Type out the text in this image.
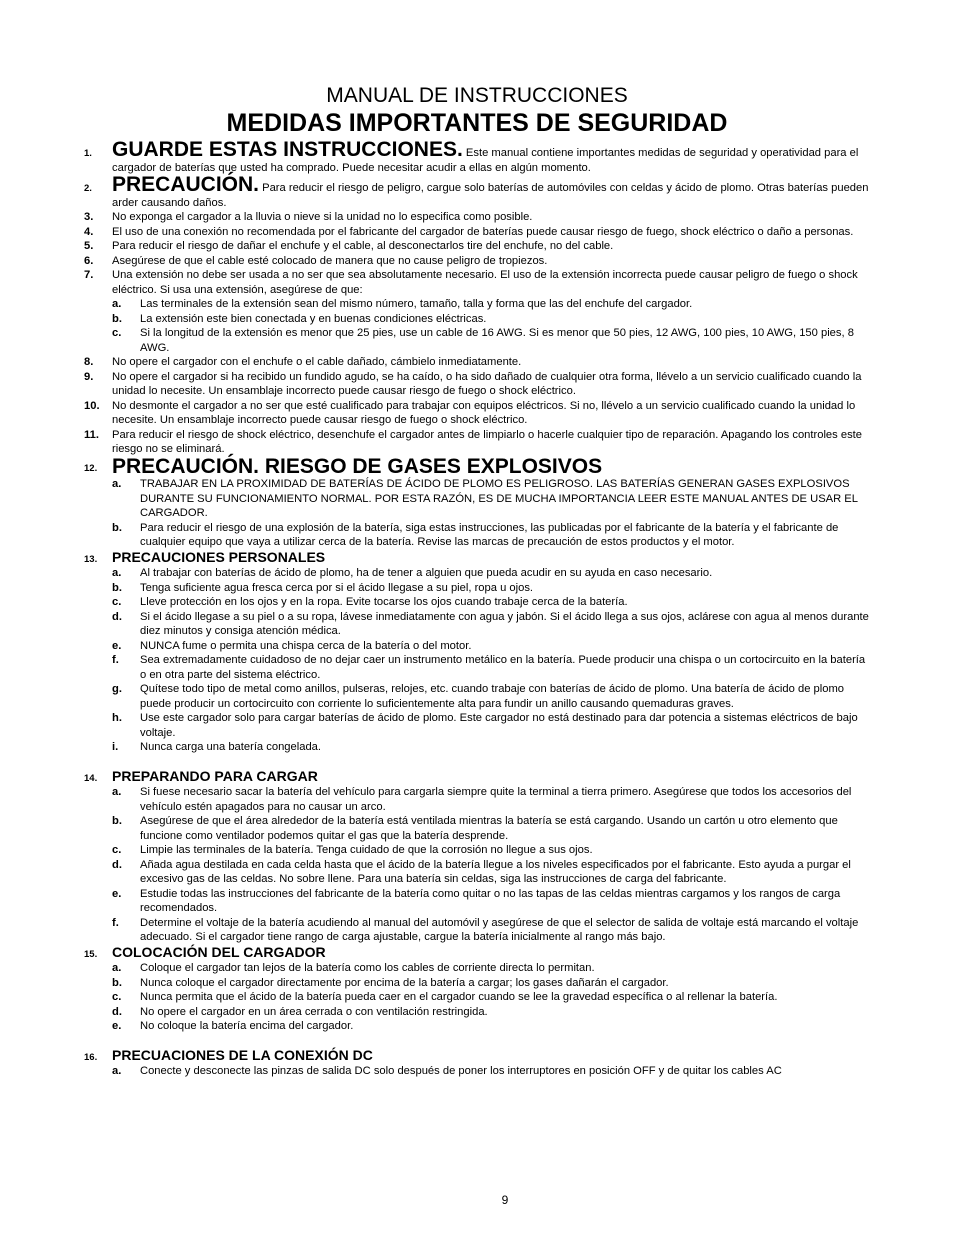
MANUAL DE INSTRUCCIONES
MEDIDAS IMPORTANTES DE SEGURIDAD
1. GUARDE ESTAS INSTRUCCIONES. Este manual contiene importantes medidas de seguridad y operatividad para el cargador de baterías que usted ha comprado. Puede necesitar acudir a ellas en algún momento.
2. PRECAUCIÓN. Para reducir el riesgo de peligro, cargue solo baterías de automóviles con celdas y ácido de plomo. Otras baterías pueden arder causando daños.
3. No exponga el cargador a la lluvia o nieve si la unidad no lo especifica como posible.
4. El uso de una conexión no recomendada por el fabricante del cargador de baterías puede causar riesgo de fuego, shock eléctrico o daño a personas.
5. Para reducir el riesgo de dañar el enchufe y el cable, al desconectarlos tire del enchufe, no del cable.
6. Asegúrese de que el cable esté colocado de manera que no cause peligro de tropiezos.
7. Una extensión no debe ser usada a no ser que sea absolutamente necesario. El uso de la extensión incorrecta puede causar peligro de fuego o shock eléctrico. Si usa una extensión, asegúrese de que:
a. Las terminales de la extensión sean del mismo número, tamaño, talla y forma que las del enchufe del cargador.
b. La extensión este bien conectada y en buenas condiciones eléctricas.
c. Si la longitud de la extensión es menor que 25 pies, use un cable de 16 AWG. Si es menor que 50 pies, 12 AWG, 100 pies, 10 AWG, 150 pies, 8 AWG.
8. No opere el cargador con el enchufe o el cable dañado, cámbielo inmediatamente.
9. No opere el cargador si ha recibido un fundido agudo, se ha caído, o ha sido dañado de cualquier otra forma, llévelo a un servicio cualificado cuando la unidad lo necesite. Un ensamblaje incorrecto puede causar riesgo de fuego o shock eléctrico.
10. No desmonte el cargador a no ser que esté cualificado para trabajar con equipos eléctricos. Si no, llévelo a un servicio cualificado cuando la unidad lo necesite. Un ensamblaje incorrecto puede causar riesgo de fuego o shock eléctrico.
11. Para reducir el riesgo de shock eléctrico, desenchufe el cargador antes de limpiarlo o hacerle cualquier tipo de reparación. Apagando los controles este riesgo no se eliminará.
12. PRECAUCIÓN. RIESGO DE GASES EXPLOSIVOS
a. TRABAJAR EN LA PROXIMIDAD DE BATERÍAS DE ÁCIDO DE PLOMO ES PELIGROSO. LAS BATERÍAS GENERAN GASES EXPLOSIVOS DURANTE SU FUNCIONAMIENTO NORMAL. POR ESTA RAZÓN, ES DE MUCHA IMPORTANCIA LEER ESTE MANUAL ANTES DE USAR EL CARGADOR.
b. Para reducir el riesgo de una explosión de la batería, siga estas instrucciones, las publicadas por el fabricante de la batería y el fabricante de cualquier equipo que vaya a utilizar cerca de la batería. Revise las marcas de precaución de estos productos y el motor.
13. PRECAUCIONES PERSONALES
a. Al trabajar con baterías de ácido de plomo, ha de tener a alguien que pueda acudir en su ayuda en caso necesario.
b. Tenga suficiente agua fresca cerca por si el ácido llegase a su piel, ropa u ojos.
c. Lleve protección en los ojos y en la ropa. Evite tocarse los ojos cuando trabaje cerca de la batería.
d. Si el ácido llegase a su piel o a su ropa, lávese inmediatamente con agua y jabón. Si el ácido llega a sus ojos, aclárese con agua al menos durante diez minutos y consiga atención médica.
e. NUNCA fume o permita una chispa cerca de la batería o del motor.
f. Sea extremadamente cuidadoso de no dejar caer un instrumento metálico en la batería. Puede producir una chispa o un cortocircuito en la batería o en otra parte del sistema eléctrico.
g. Quítese todo tipo de metal como anillos, pulseras, relojes, etc. cuando trabaje con baterías de ácido de plomo. Una batería de ácido de plomo puede producir un cortocircuito con corriente lo suficientemente alta para fundir un anillo causando quemaduras graves.
h. Use este cargador solo para cargar baterías de ácido de plomo. Este cargador no está destinado para dar potencia a sistemas eléctricos de bajo voltaje.
i. Nunca carga una batería congelada.
14. PREPARANDO PARA CARGAR
a. Si fuese necesario sacar la batería del vehículo para cargarla siempre quite la terminal a tierra primero. Asegúrese que todos los accesorios del vehículo estén apagados para no causar un arco.
b. Asegúrese de que el área alrededor de la batería está ventilada mientras la batería se está cargando. Usando un cartón u otro elemento que funcione como ventilador podemos quitar el gas que la batería desprende.
c. Limpie las terminales de la batería. Tenga cuidado de que la corrosión no llegue a sus ojos.
d. Añada agua destilada en cada celda hasta que el ácido de la batería llegue a los niveles especificados por el fabricante. Esto ayuda a purgar el excesivo gas de las celdas. No sobre llene. Para una batería sin celdas, siga las instrucciones de carga del fabricante.
e. Estudie todas las instrucciones del fabricante de la batería como quitar o no las tapas de las celdas mientras cargamos y los rangos de carga recomendados.
f. Determine el voltaje de la batería acudiendo al manual del automóvil y asegúrese de que el selector de salida de voltaje está marcando el voltaje adecuado. Si el cargador tiene rango de carga ajustable, cargue la batería inicialmente al rango más bajo.
15. COLOCACIÓN DEL CARGADOR
a. Coloque el cargador tan lejos de la batería como los cables de corriente directa lo permitan.
b. Nunca coloque el cargador directamente por encima de la batería a cargar; los gases dañarán el cargador.
c. Nunca permita que el ácido de la batería pueda caer en el cargador cuando se lee la gravedad específica o al rellenar la batería.
d. No opere el cargador en un área cerrada o con ventilación restringida.
e. No coloque la batería encima del cargador.
16. PRECUACIONES DE LA CONEXIÓN DC
a. Conecte y desconecte las pinzas de salida DC solo después de poner los interruptores en posición OFF y de quitar los cables AC
9
